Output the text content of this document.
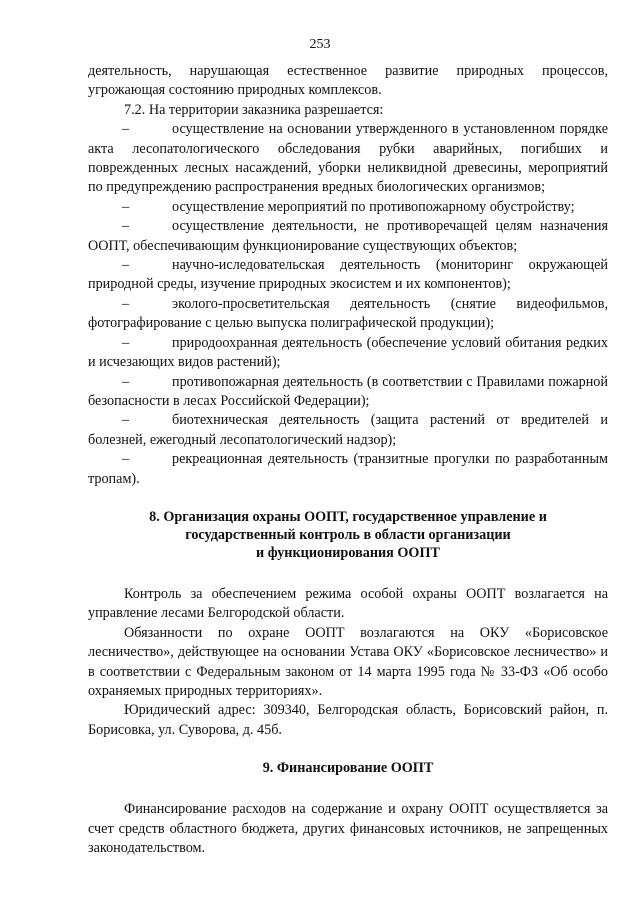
253

деятельность, нарушающая естественное развитие природных процессов, угрожающая состоянию природных комплексов.

7.2. На территории заказника разрешается:

–	осуществление на основании утвержденного в установленном порядке акта лесопатологического обследования рубки аварийных, погибших и поврежденных лесных насаждений, уборки неликвидной древесины, мероприятий по предупреждению распространения вредных биологических организмов;

–	осуществление мероприятий по противопожарному обустройству;

–	осуществление деятельности, не противоречащей целям назначения ООПТ, обеспечивающим функционирование существующих объектов;

–	научно-иследовательская деятельность (мониторинг окружающей природной среды, изучение природных экосистем и их компонентов);

–	эколого-просветительская деятельность (снятие видеофильмов, фотографирование с целью выпуска полиграфической продукции);

–	природоохранная деятельность (обеспечение условий обитания редких и исчезающих видов растений);

–	противопожарная деятельность (в соответствии с Правилами пожарной безопасности в лесах Российской Федерации);

–	биотехническая деятельность (защита растений от вредителей и болезней, ежегодный лесопатологический надзор);

–	рекреационная деятельность (транзитные прогулки по разработанным тропам).

8. Организация охраны ООПТ, государственное управление и

государственный контроль в области организации

и функционирования ООПТ

Контроль за обеспечением режима особой охраны ООПТ возлагается на управление лесами Белгородской области.

Обязанности по охране ООПТ возлагаются на ОКУ «Борисовское лесничество», действующее на основании Устава ОКУ «Борисовское лесничество» и в соответствии с Федеральным законом от 14 марта 1995 года № 33-ФЗ «Об особо охраняемых природных территориях».

Юридический адрес: 309340, Белгородская область, Борисовский район, п. Борисовка, ул. Суворова, д. 45б.

9. Финансирование ООПТ

Финансирование расходов на содержание и охрану ООПТ осуществляется за счет средств областного бюджета, других финансовых источников, не запрещенных законодательством.
